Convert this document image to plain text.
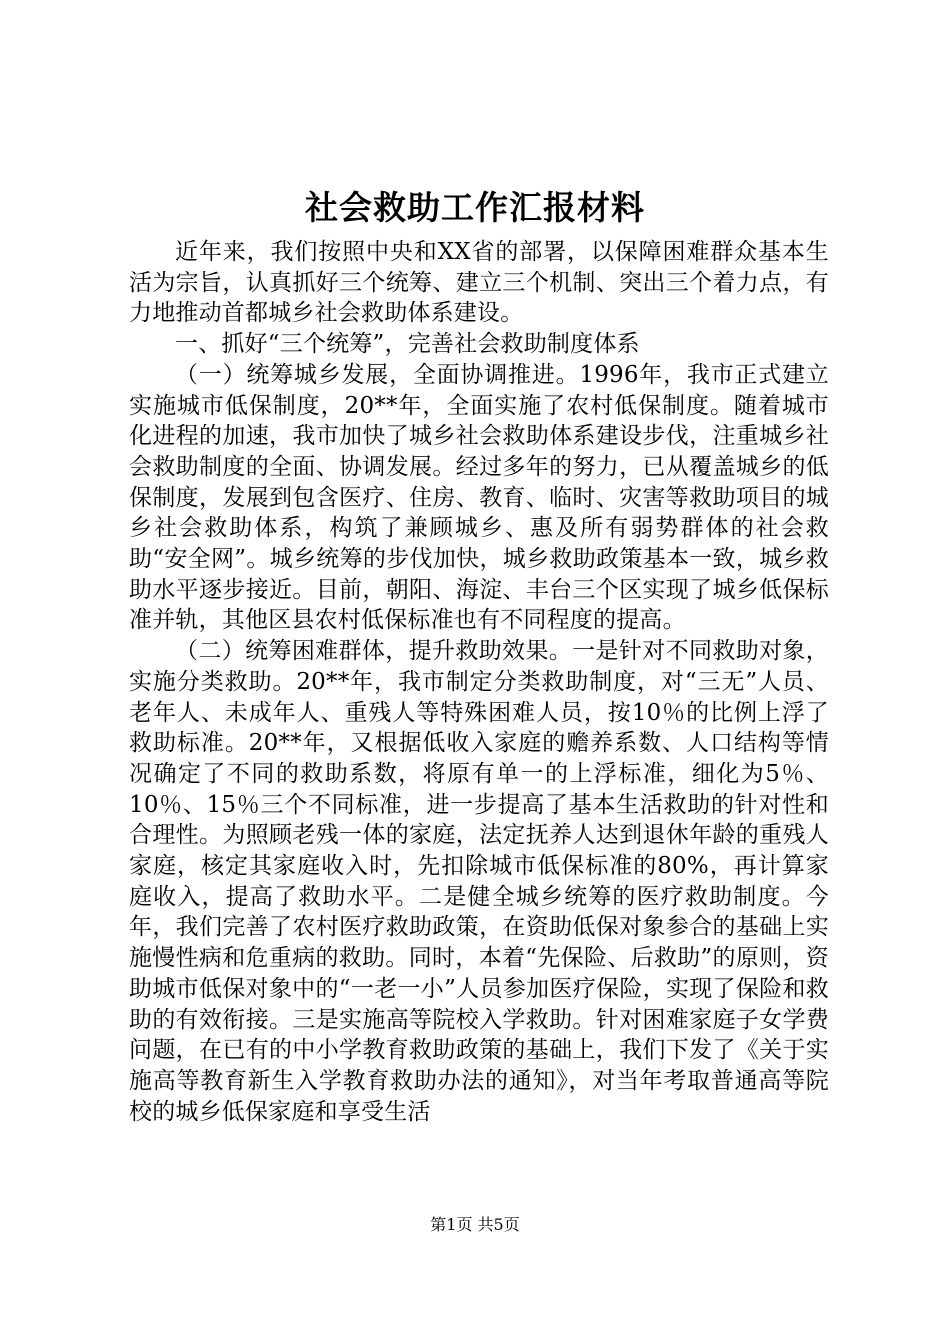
社会救助工作汇报材料

近年来，我们按照中央和XX省的部署，以保障困难群众基本生活为宗旨，认真抓好三个统筹、建立三个机制、突出三个着力点，有力地推动首都城乡社会救助体系建设。

一、抓好“三个统筹”，完善社会救助制度体系

（一）统筹城乡发展，全面协调推进。1996年，我市正式建立实施城市低保制度，20**年，全面实施了农村低保制度。随着城市化进程的加速，我市加快了城乡社会救助体系建设步伐，注重城乡社会救助制度的全面、协调发展。经过多年的努力，已从覆盖城乡的低保制度，发展到包含医疗、住房、教育、临时、灾害等救助项目的城乡社会救助体系，构筑了兼顾城乡、惠及所有弱势群体的社会救助“安全网”。城乡统筹的步伐加快，城乡救助政策基本一致，城乡救助水平逐步接近。目前，朝阳、海淀、丰台三个区实现了城乡低保标准并轨，其他区县农村低保标准也有不同程度的提高。

（二）统筹困难群体，提升救助效果。一是针对不同救助对象，实施分类救助。20**年，我市制定分类救助制度，对“三无”人员、老年人、未成年人、重残人等特殊困难人员，按10％的比例上浮了救助标准。20**年，又根据低收入家庭的赡养系数、人口结构等情况确定了不同的救助系数，将原有单一的上浮标准，细化为5％、10％、15％三个不同标准，进一步提高了基本生活救助的针对性和合理性。为照顾老残一体的家庭，法定抚养人达到退休年龄的重残人家庭，核定其家庭收入时，先扣除城市低保标准的80%，再计算家庭收入，提高了救助水平。二是健全城乡统筹的医疗救助制度。今年，我们完善了农村医疗救助政策，在资助低保对象参合的基础上实施慢性病和危重病的救助。同时，本着“先保险、后救助”的原则，资助城市低保对象中的“一老一小”人员参加医疗保险，实现了保险和救助的有效衔接。三是实施高等院校入学救助。针对困难家庭子女学费问题，在已有的中小学教育救助政策的基础上，我们下发了《关于实施高等教育新生入学教育救助办法的通知》，对当年考取普通高等院校的城乡低保家庭和享受生活

第1页 共5页
